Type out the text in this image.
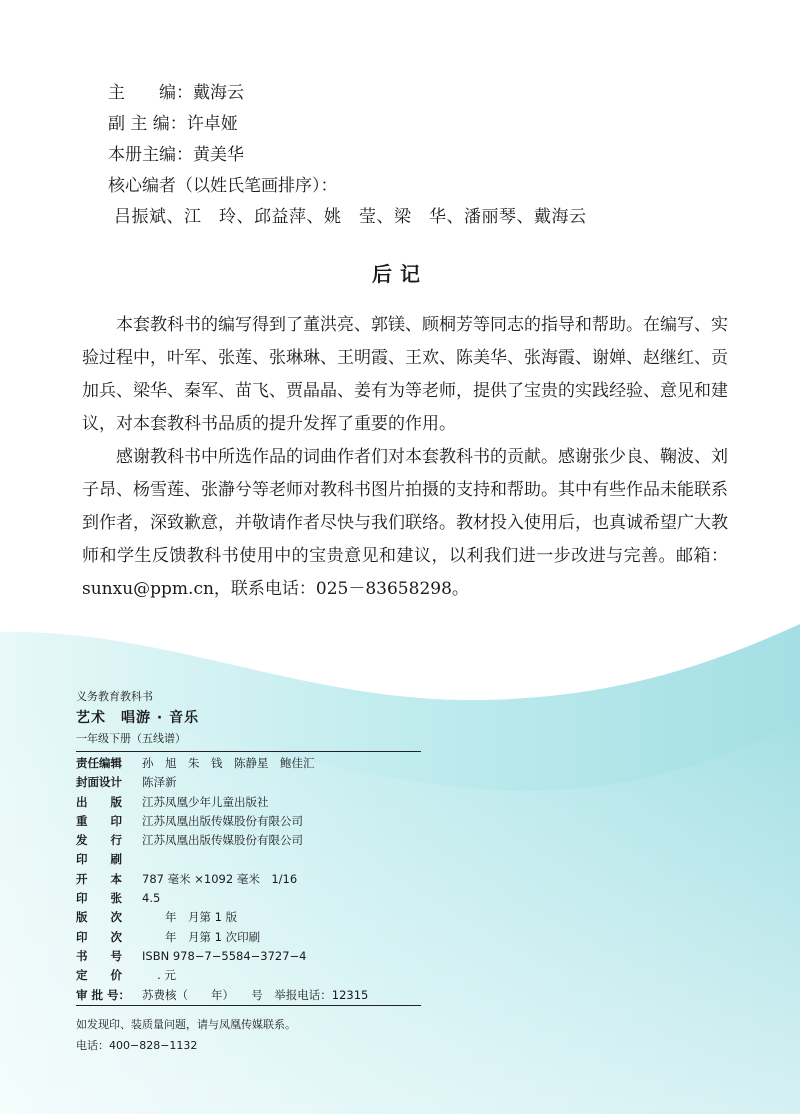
主　　编：戴海云
副 主 编：许卓娅
本册主编：黄美华
核心编者（以姓氏笔画排序）：
吕振斌、江　玲、邱益萍、姚　莹、梁　华、潘丽琴、戴海云
后记

本套教科书的编写得到了董洪亮、郭镁、顾桐芳等同志的指导和帮助。在编写、实验过程中，叶军、张莲、张琳琳、王明霞、王欢、陈美华、张海霞、谢婵、赵继红、贡加兵、梁华、秦军、苗飞、贾晶晶、姜有为等老师，提供了宝贵的实践经验、意见和建议，对本套教科书品质的提升发挥了重要的作用。

感谢教科书中所选作品的词曲作者们对本套教科书的贡献。感谢张少良、鞠波、刘子昂、杨雪莲、张瀞兮等老师对教科书图片拍摄的支持和帮助。其中有些作品未能联系到作者，深致歉意，并敬请作者尽快与我们联络。教材投入使用后，也真诚希望广大教师和学生反馈教科书使用中的宝贵意见和建议，以利我们进一步改进与完善。邮箱：sunxu@ppm.cn，联系电话：025－83658298。

义务教育教科书
艺术　唱游 · 音乐
一年级下册（五线谱）
责任编辑 孙　旭　朱　钱　陈静星　鲍佳汇
封面设计 陈泽新
出　　版 江苏凤凰少年儿童出版社
重　　印 江苏凤凰出版传媒股份有限公司
发　　行 江苏凤凰出版传媒股份有限公司
印　　刷
开　　本 787 毫米 ×1092 毫米　1/16
印　　张 4.5
版　　次　　年　月第 1 版
印　　次　　年　月第 1 次印刷
书　　号 ISBN 978−7−5584−3727−4
定　　价　 . 元
审 批 号： 苏费核（　　年）　　号　举报电话：12315
如发现印、装质量问题，请与凤凰传媒联系。
电话：400−828−1132
